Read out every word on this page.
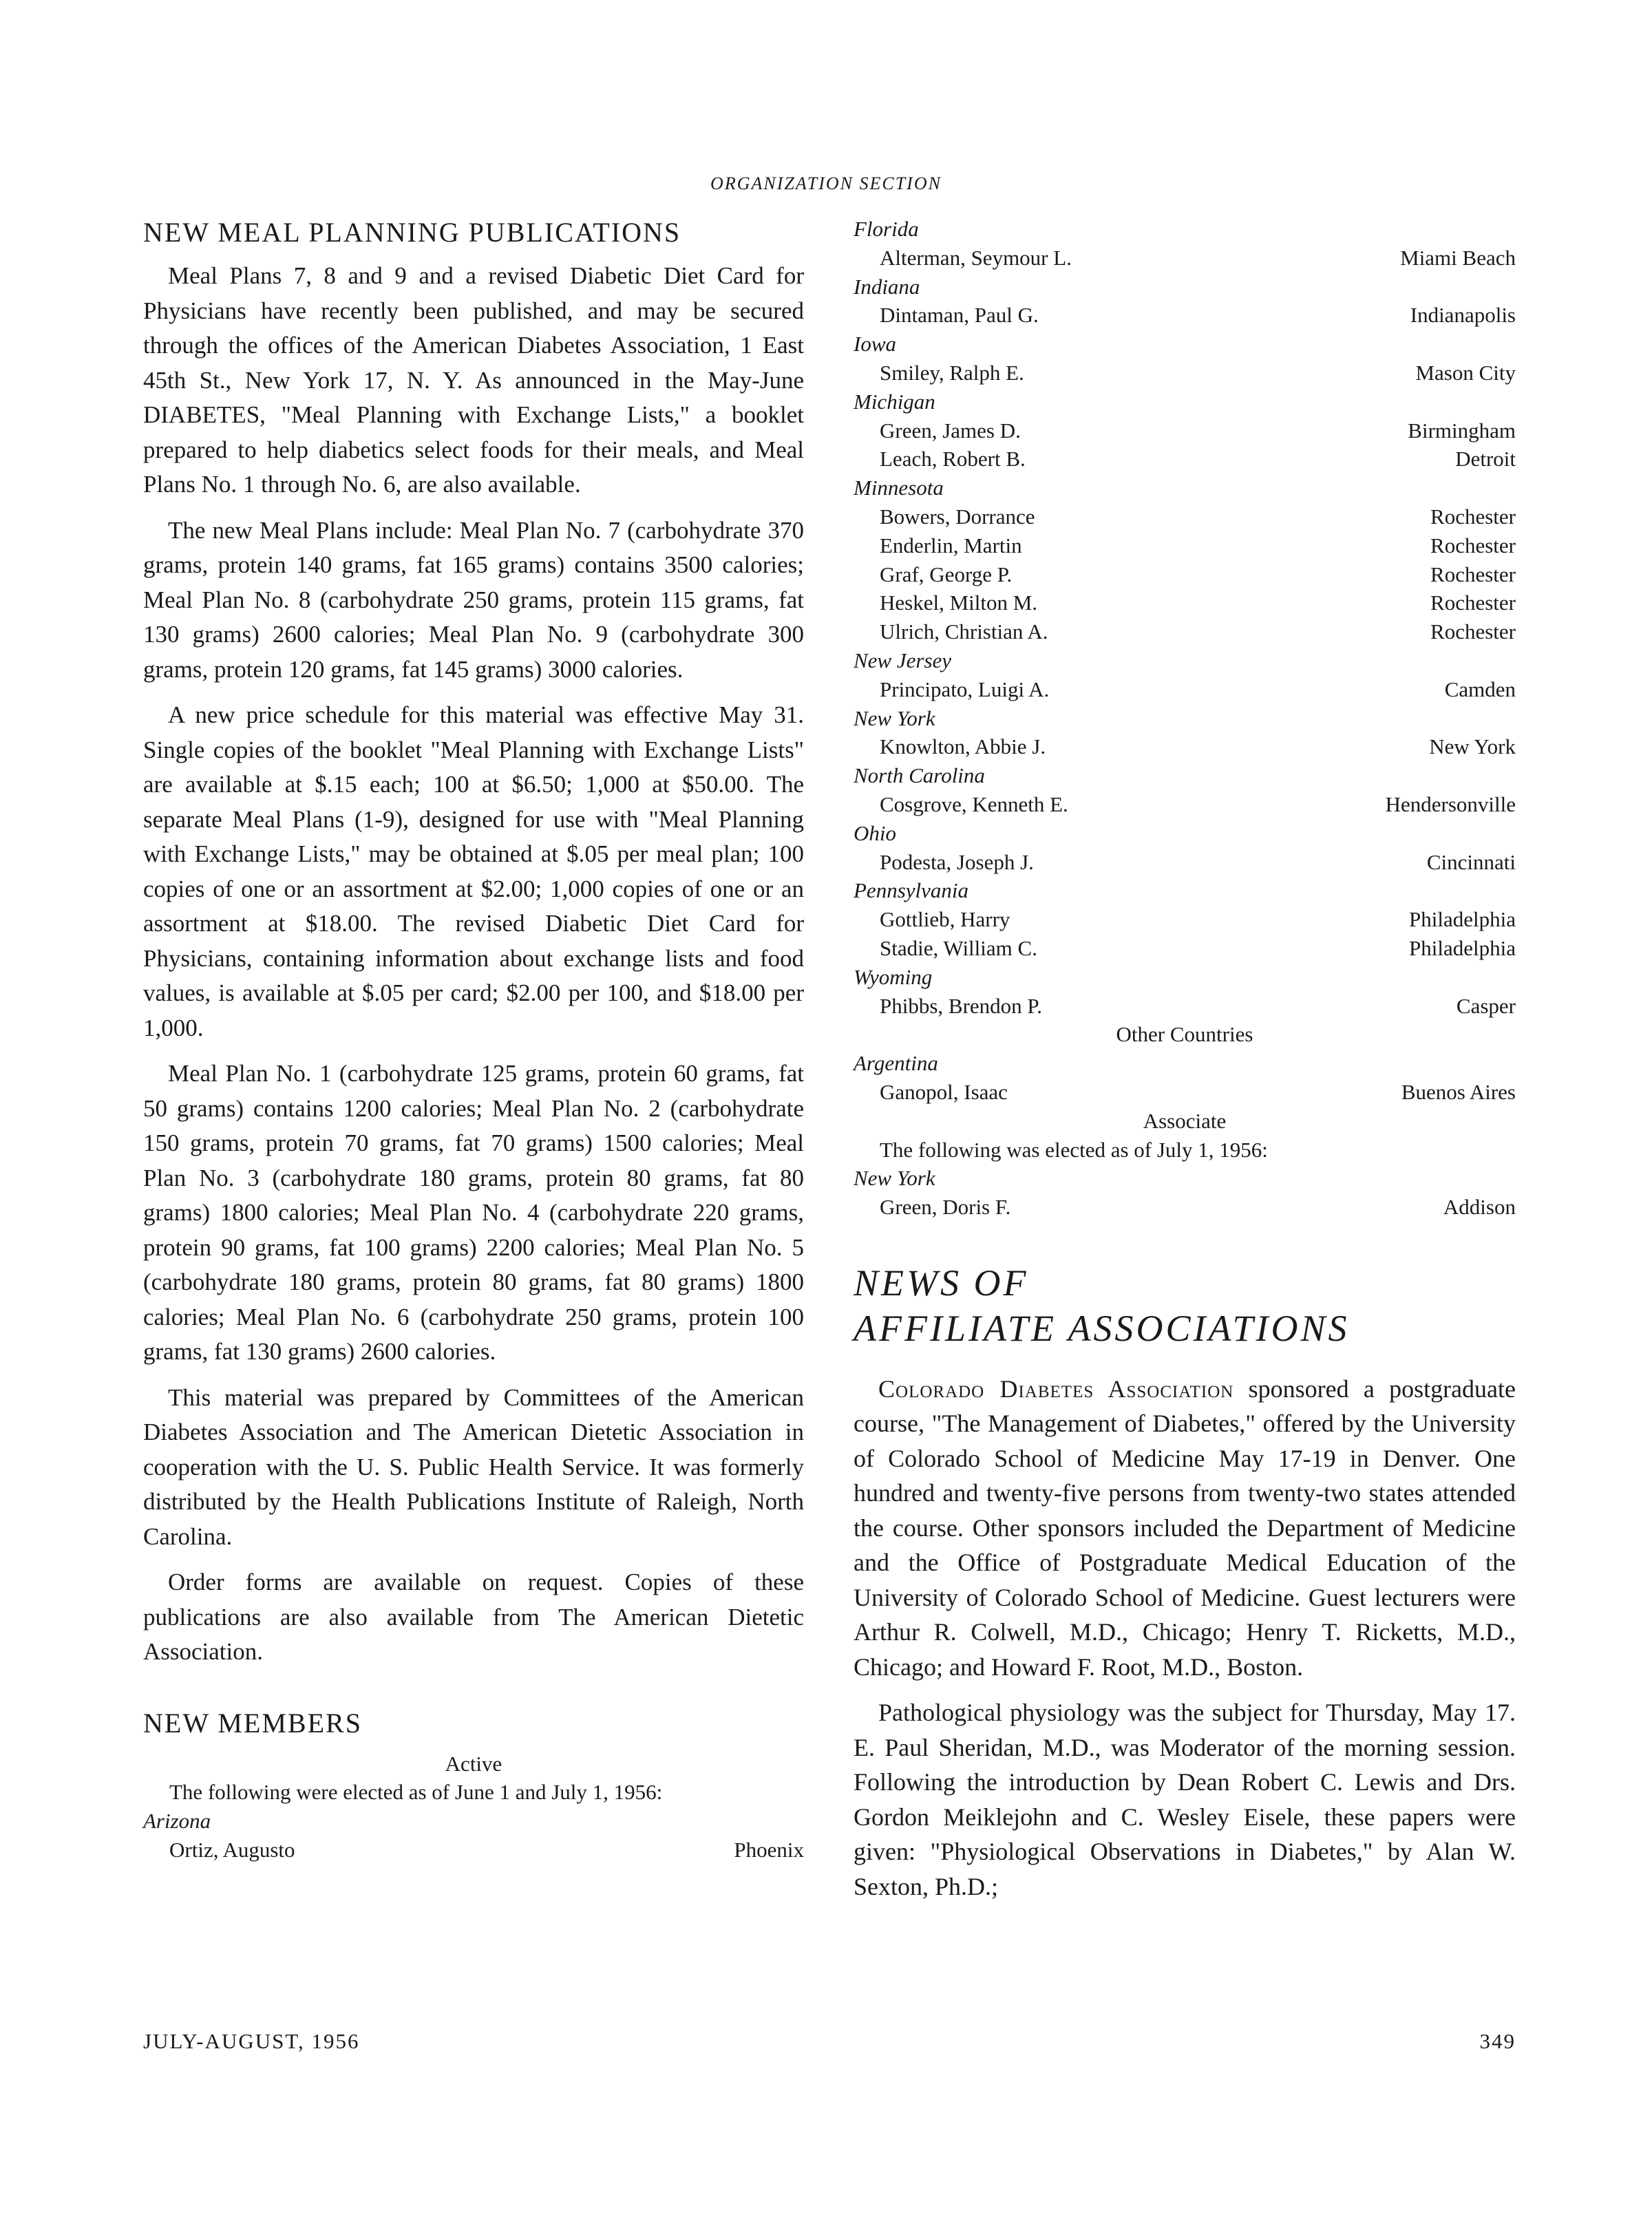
ORGANIZATION SECTION
NEW MEAL PLANNING PUBLICATIONS

Meal Plans 7, 8 and 9 and a revised Diabetic Diet Card for Physicians have recently been published, and may be secured through the offices of the American Diabetes Association, 1 East 45th St., New York 17, N. Y. As announced in the May-June DIABETES, "Meal Planning with Exchange Lists," a booklet prepared to help diabetics select foods for their meals, and Meal Plans No. 1 through No. 6, are also available.

The new Meal Plans include: Meal Plan No. 7 (carbohydrate 370 grams, protein 140 grams, fat 165 grams) contains 3500 calories; Meal Plan No. 8 (carbohydrate 250 grams, protein 115 grams, fat 130 grams) 2600 calories; Meal Plan No. 9 (carbohydrate 300 grams, protein 120 grams, fat 145 grams) 3000 calories.

A new price schedule for this material was effective May 31. Single copies of the booklet "Meal Planning with Exchange Lists" are available at $.15 each; 100 at $6.50; 1,000 at $50.00. The separate Meal Plans (1-9), designed for use with "Meal Planning with Exchange Lists," may be obtained at $.05 per meal plan; 100 copies of one or an assortment at $2.00; 1,000 copies of one or an assortment at $18.00. The revised Diabetic Diet Card for Physicians, containing information about exchange lists and food values, is available at $.05 per card; $2.00 per 100, and $18.00 per 1,000.

Meal Plan No. 1 (carbohydrate 125 grams, protein 60 grams, fat 50 grams) contains 1200 calories; Meal Plan No. 2 (carbohydrate 150 grams, protein 70 grams, fat 70 grams) 1500 calories; Meal Plan No. 3 (carbohydrate 180 grams, protein 80 grams, fat 80 grams) 1800 calories; Meal Plan No. 4 (carbohydrate 220 grams, protein 90 grams, fat 100 grams) 2200 calories; Meal Plan No. 5 (carbohydrate 180 grams, protein 80 grams, fat 80 grams) 1800 calories; Meal Plan No. 6 (carbohydrate 250 grams, protein 100 grams, fat 130 grams) 2600 calories.

This material was prepared by Committees of the American Diabetes Association and The American Dietetic Association in cooperation with the U. S. Public Health Service. It was formerly distributed by the Health Publications Institute of Raleigh, North Carolina.

Order forms are available on request. Copies of these publications are also available from The American Dietetic Association.

NEW MEMBERS
Active
The following were elected as of June 1 and July 1, 1956:
Arizona
Ortiz, Augusto	Phoenix
Florida
Alterman, Seymour L.	Miami Beach
Indiana
Dintaman, Paul G.	Indianapolis
Iowa
Smiley, Ralph E.	Mason City
Michigan
Green, James D.	Birmingham
Leach, Robert B.	Detroit
Minnesota
Bowers, Dorrance	Rochester
Enderlin, Martin	Rochester
Graf, George P.	Rochester
Heskel, Milton M.	Rochester
Ulrich, Christian A.	Rochester
New Jersey
Principato, Luigi A.	Camden
New York
Knowlton, Abbie J.	New York
North Carolina
Cosgrove, Kenneth E.	Hendersonville
Ohio
Podesta, Joseph J.	Cincinnati
Pennsylvania
Gottlieb, Harry	Philadelphia
Stadie, William C.	Philadelphia
Wyoming
Phibbs, Brendon P.	Casper
Other Countries
Argentina
Ganopol, Isaac	Buenos Aires
Associate
The following was elected as of July 1, 1956:
New York
Green, Doris F.	Addison
NEWS OF
AFFILIATE ASSOCIATIONS

Colorado Diabetes Association sponsored a postgraduate course, "The Management of Diabetes," offered by the University of Colorado School of Medicine May 17-19 in Denver. One hundred and twenty-five persons from twenty-two states attended the course. Other sponsors included the Department of Medicine and the Office of Postgraduate Medical Education of the University of Colorado School of Medicine. Guest lecturers were Arthur R. Colwell, M.D., Chicago; Henry T. Ricketts, M.D., Chicago; and Howard F. Root, M.D., Boston.

Pathological physiology was the subject for Thursday, May 17. E. Paul Sheridan, M.D., was Moderator of the morning session. Following the introduction by Dean Robert C. Lewis and Drs. Gordon Meiklejohn and C. Wesley Eisele, these papers were given: "Physiological Observations in Diabetes," by Alan W. Sexton, Ph.D.;

JULY-AUGUST, 1956	349
